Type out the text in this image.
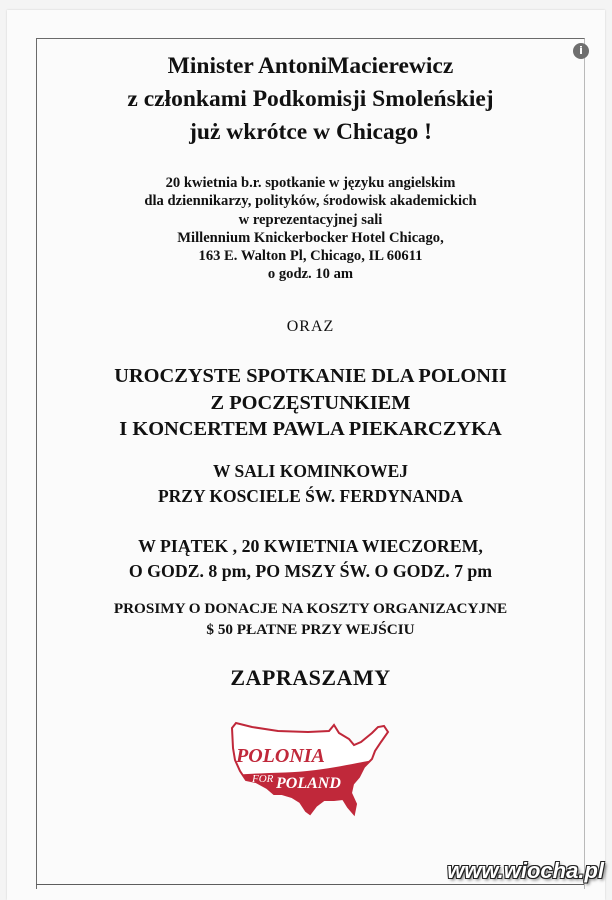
i
Minister AntoniMacierewicz
z członkami Podkomisji Smoleńskiej
już wkrótce w Chicago !
20 kwietnia b.r. spotkanie w języku angielskim
dla dziennikarzy, polityków, środowisk akademickich
w reprezentacyjnej sali
Millennium Knickerbocker Hotel Chicago,
163 E. Walton Pl, Chicago, IL 60611
o godz. 10 am
ORAZ
UROCZYSTE SPOTKANIE DLA POLONII
Z POCZĘSTUNKIEM
I KONCERTEM PAWLA PIEKARCZYKA
W SALI KOMINKOWEJ
PRZY KOSCIELE ŚW. FERDYNANDA
W PIĄTEK , 20 KWIETNIA WIECZOREM,
O GODZ. 8 pm, PO MSZY ŚW. O GODZ. 7 pm
PROSIMY O DONACJE NA KOSZTY ORGANIZACYJNE
$ 50 PŁATNE PRZY WEJŚCIU
ZAPRASZAMY
POLONIA
FOR POLAND
www.wiocha.pl
